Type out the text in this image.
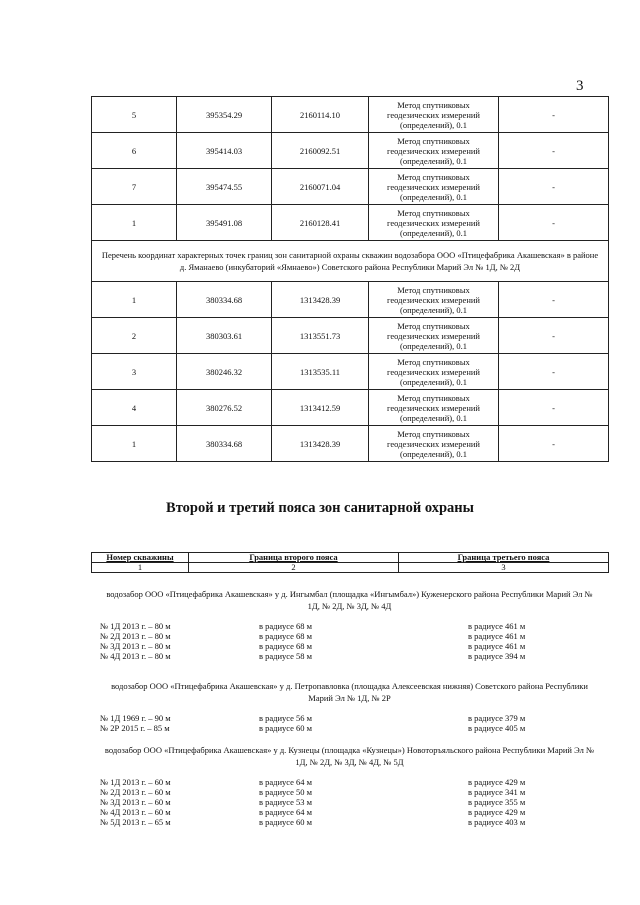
3
5	395354.29	2160114.10	Метод спутниковых геодезических измерений (определений), 0.1	-
6	395414.03	2160092.51	Метод спутниковых геодезических измерений (определений), 0.1	-
7	395474.55	2160071.04	Метод спутниковых геодезических измерений (определений), 0.1	-
1	395491.08	2160128.41	Метод спутниковых геодезических измерений (определений), 0.1	-
Перечень координат характерных точек границ зон санитарной охраны скважин водозабора ООО «Птицефабрика Акашевская» в районе д. Яманаево (инкубаторий «Ямнаево») Советского района Республики Марий Эл № 1Д, № 2Д				
1	380334.68	1313428.39	Метод спутниковых геодезических измерений (определений), 0.1	-
2	380303.61	1313551.73	Метод спутниковых геодезических измерений (определений), 0.1	-
3	380246.32	1313535.11	Метод спутниковых геодезических измерений (определений), 0.1	-
4	380276.52	1313412.59	Метод спутниковых геодезических измерений (определений), 0.1	-
1	380334.68	1313428.39	Метод спутниковых геодезических измерений (определений), 0.1	-
Второй и третий пояса зон санитарной охраны
Номер скважины	Граница второго пояса	Граница третьего пояса
1	2	3
водозабор ООО «Птицефабрика Акашевская» у д. Ингымбал (площадка «Ингымбал») Куженерского района Республики Марий Эл № 1Д, № 2Д, № 3Д, № 4Д
№ 1Д 2013 г. – 80 м	в радиусе 68 м	в радиусе 461 м
№ 2Д 2013 г. – 80 м	в радиусе 68 м	в радиусе 461 м
№ 3Д 2013 г. – 80 м	в радиусе 68 м	в радиусе 461 м
№ 4Д 2013 г. – 80 м	в радиусе 58 м	в радиусе 394 м
водозабор ООО «Птицефабрика Акашевская» у д. Петропавловка (площадка Алексеевская нижняя) Советского района Республики Марий Эл № 1Д, № 2Р
№ 1Д 1969 г. – 90 м	в радиусе 56 м	в радиусе 379 м
№ 2Р 2015 г. – 85 м	в радиусе 60 м	в радиусе 405 м
водозабор ООО «Птицефабрика Акашевская» у д. Кузнецы (площадка «Кузнецы») Новоторъяльского района Республики Марий Эл № 1Д, № 2Д, № 3Д, № 4Д, № 5Д
№ 1Д 2013 г. – 60 м	в радиусе 64 м	в радиусе 429 м
№ 2Д 2013 г. – 60 м	в радиусе 50 м	в радиусе 341 м
№ 3Д 2013 г. – 60 м	в радиусе 53 м	в радиусе 355 м
№ 4Д 2013 г. – 60 м	в радиусе 64 м	в радиусе 429 м
№ 5Д 2013 г. – 65 м	в радиусе 60 м	в радиусе 403 м
